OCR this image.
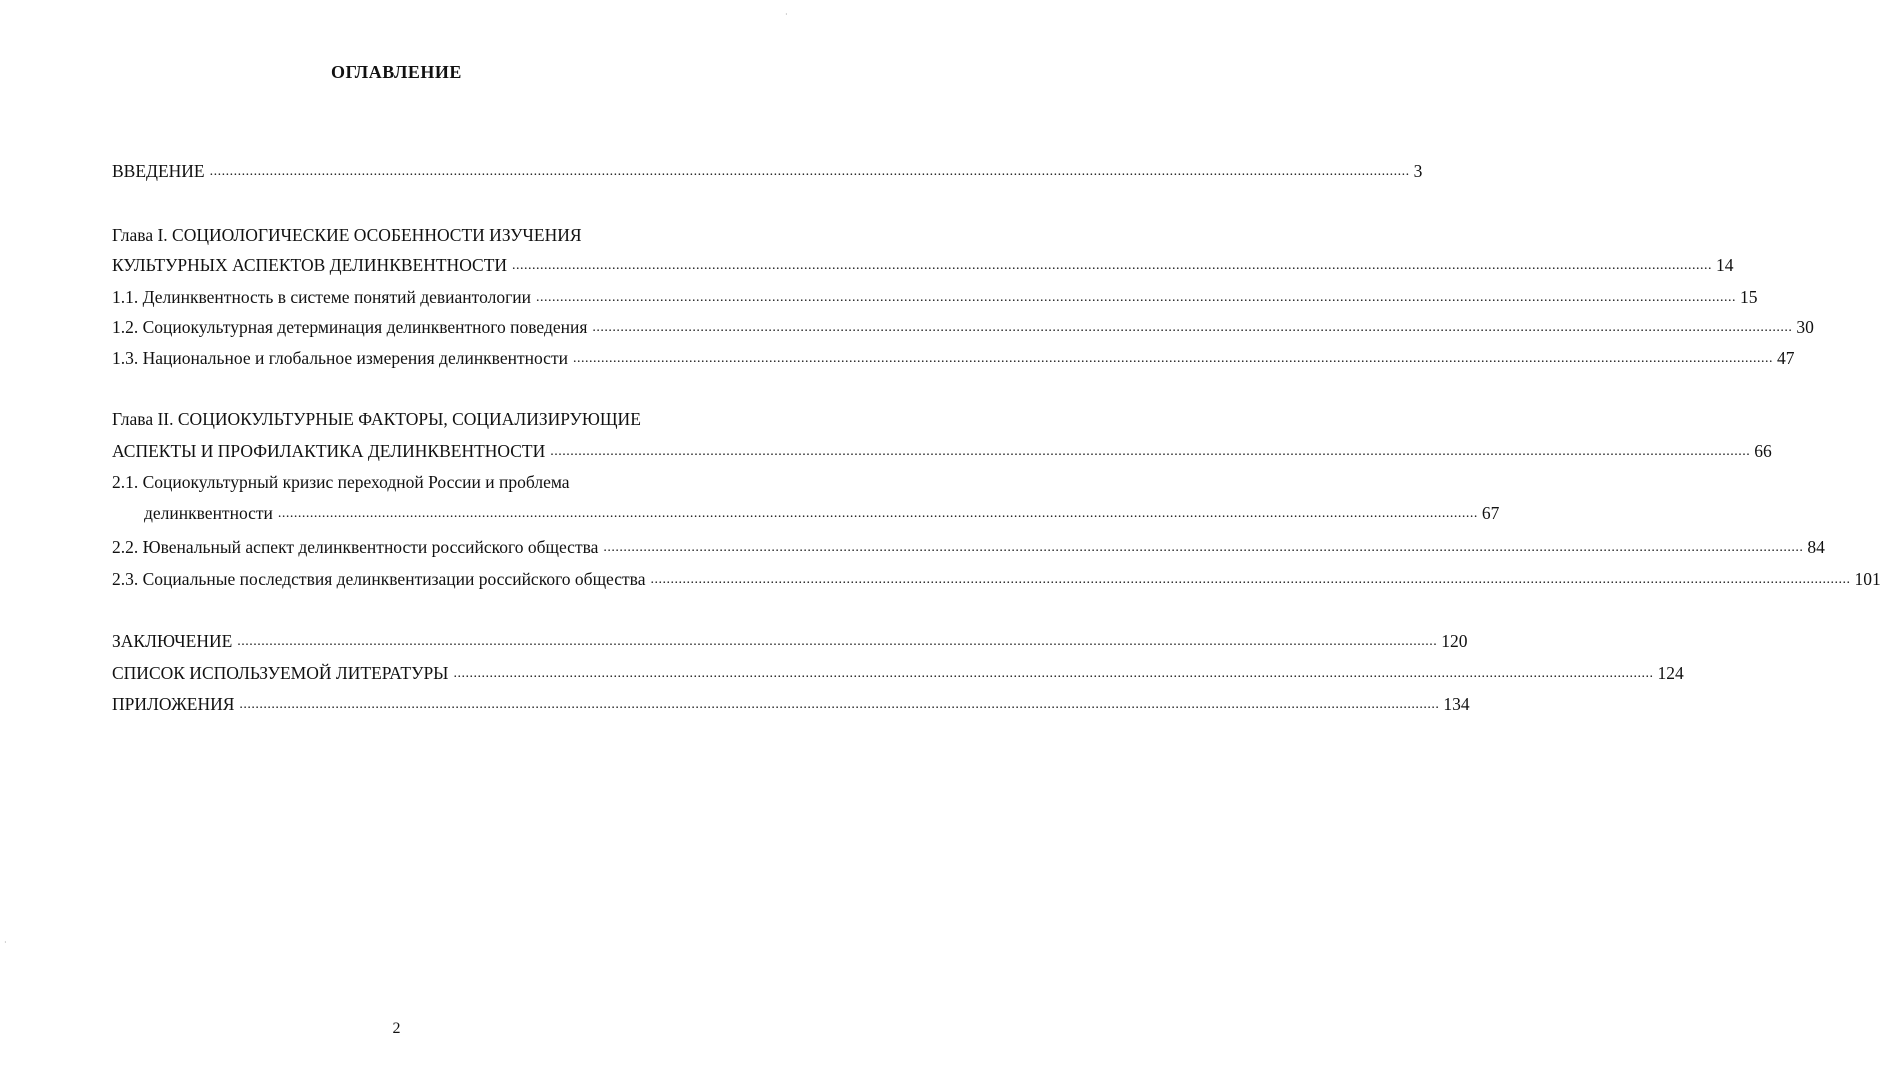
ОГЛАВЛЕНИЕ
ВВЕДЕНИЕ ............................................................................................................................................................................................................................................................................................................ 3
Глава I. СОЦИОЛОГИЧЕСКИЕ ОСОБЕННОСТИ ИЗУЧЕНИЯ
КУЛЬТУРНЫХ АСПЕКТОВ ДЕЛИНКВЕНТНОСТИ ............................................................................................................................................................................................................................................................................................................ 14
1.1. Делинквентность в системе понятий девиантологии ............................................................................................................................................................................................................................................................................................................ 15
1.2. Социокультурная детерминация делинквентного поведения ............................................................................................................................................................................................................................................................................................................ 30
1.3. Национальное и глобальное измерения делинквентности ............................................................................................................................................................................................................................................................................................................ 47
Глава II. СОЦИОКУЛЬТУРНЫЕ ФАКТОРЫ, СОЦИАЛИЗИРУЮЩИЕ
АСПЕКТЫ И ПРОФИЛАКТИКА ДЕЛИНКВЕНТНОСТИ ............................................................................................................................................................................................................................................................................................................ 66
2.1. Социокультурный кризис переходной России и проблема
делинквентности ............................................................................................................................................................................................................................................................................................................ 67
2.2. Ювенальный аспект делинквентности российского общества ............................................................................................................................................................................................................................................................................................................ 84
2.3. Социальные последствия делинквентизации российского общества ............................................................................................................................................................................................................................................................................................................ 101
ЗАКЛЮЧЕНИЕ ............................................................................................................................................................................................................................................................................................................ 120
СПИСОК ИСПОЛЬЗУЕМОЙ ЛИТЕРАТУРЫ ............................................................................................................................................................................................................................................................................................................ 124
ПРИЛОЖЕНИЯ ............................................................................................................................................................................................................................................................................................................ 134
2
·
·
